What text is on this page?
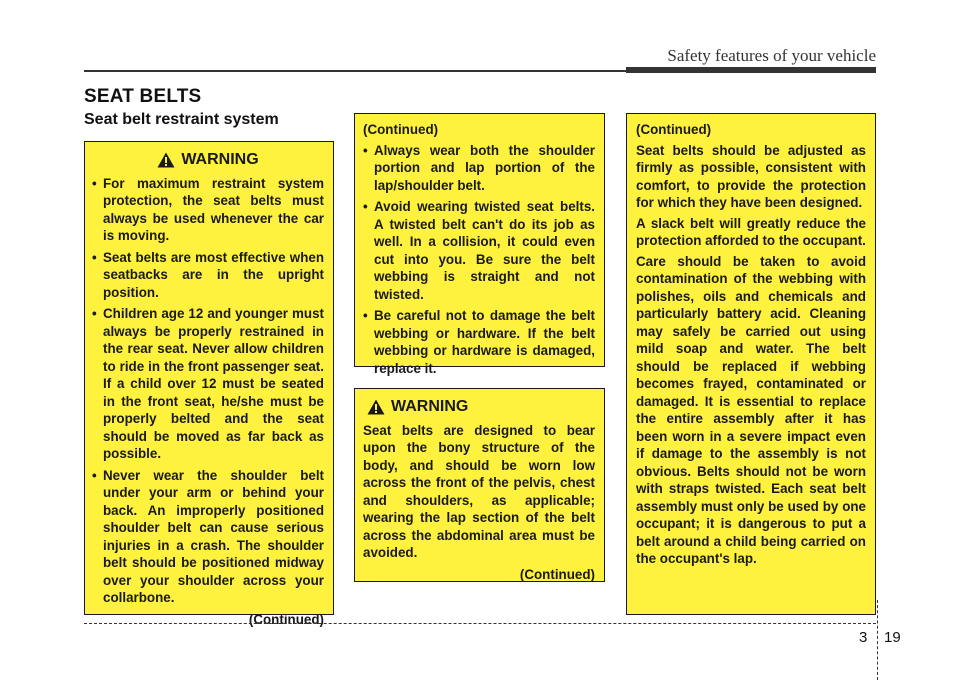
Safety features of your vehicle
SEAT BELTS
Seat belt restraint system
WARNING
• For maximum restraint system protection, the seat belts must always be used whenever the car is moving.
• Seat belts are most effective when seatbacks are in the upright position.
• Children age 12 and younger must always be properly restrained in the rear seat. Never allow children to ride in the front passenger seat. If a child over 12 must be seated in the front seat, he/she must be properly belted and the seat should be moved as far back as possible.
• Never wear the shoulder belt under your arm or behind your back. An improperly positioned shoulder belt can cause serious injuries in a crash. The shoulder belt should be positioned midway over your shoulder across your collarbone.
(Continued)
(Continued)
• Always wear both the shoulder portion and lap portion of the lap/shoulder belt.
• Avoid wearing twisted seat belts. A twisted belt can't do its job as well. In a collision, it could even cut into you. Be sure the belt webbing is straight and not twisted.
• Be careful not to damage the belt webbing or hardware. If the belt webbing or hardware is damaged, replace it.
WARNING

Seat belts are designed to bear upon the bony structure of the body, and should be worn low across the front of the pelvis, chest and shoulders, as applicable; wearing the lap section of the belt across the abdominal area must be avoided.

(Continued)
(Continued)

Seat belts should be adjusted as firmly as possible, consistent with comfort, to provide the protection for which they have been designed.

A slack belt will greatly reduce the protection afforded to the occupant.

Care should be taken to avoid contamination of the webbing with polishes, oils and chemicals and particularly battery acid. Cleaning may safely be carried out using mild soap and water. The belt should be replaced if webbing becomes frayed, contaminated or damaged. It is essential to replace the entire assembly after it has been worn in a severe impact even if damage to the assembly is not obvious. Belts should not be worn with straps twisted. Each seat belt assembly must only be used by one occupant; it is dangerous to put a belt around a child being carried on the occupant's lap.

3 19
